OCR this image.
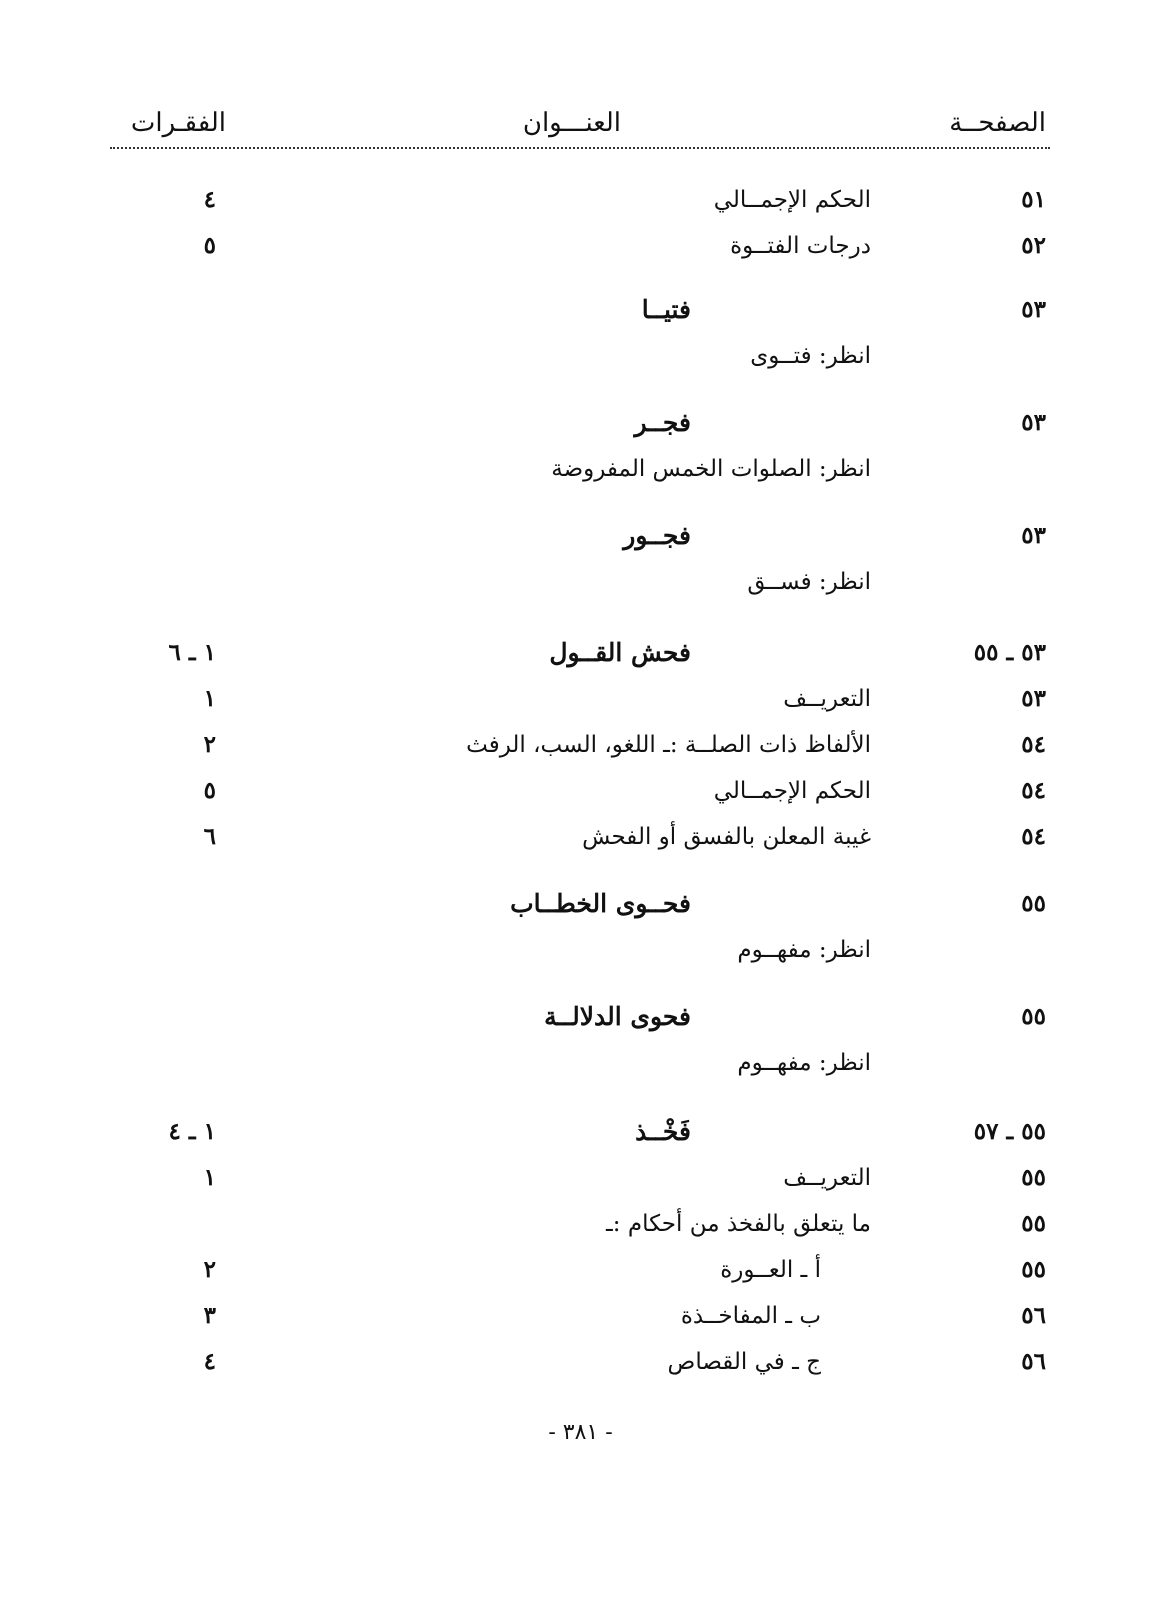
الصفحــة
العنـــوان
الفقـرات
٥١
الحكم الإجمــالي
٤
٥٢
درجات الفتــوة
٥
٥٣
فتيــا
انظر: فتــوى
٥٣
فجــر
انظر: الصلوات الخمس المفروضة
٥٣
فجــور
انظر: فســق
٥٣ ـ ٥٥
فحش القــول
١ ـ ٦
٥٣
التعريــف
١
٥٤
الألفاظ ذات الصلــة :ـ اللغو، السب، الرفث
٢
٥٤
الحكم الإجمــالي
٥
٥٤
غيبة المعلن بالفسق أو الفحش
٦
٥٥
فحــوى الخطــاب
انظر: مفهــوم
٥٥
فحوى الدلالــة
انظر: مفهــوم
٥٥ ـ ٥٧
فَخْــذ
١ ـ ٤
٥٥
التعريــف
١
٥٥
ما يتعلق بالفخذ من أحكام :ـ
٥٥
أ ـ العــورة
٢
٥٦
ب ـ المفاخــذة
٣
٥٦
ج ـ في القصاص
٤
- ٣٨١ -
